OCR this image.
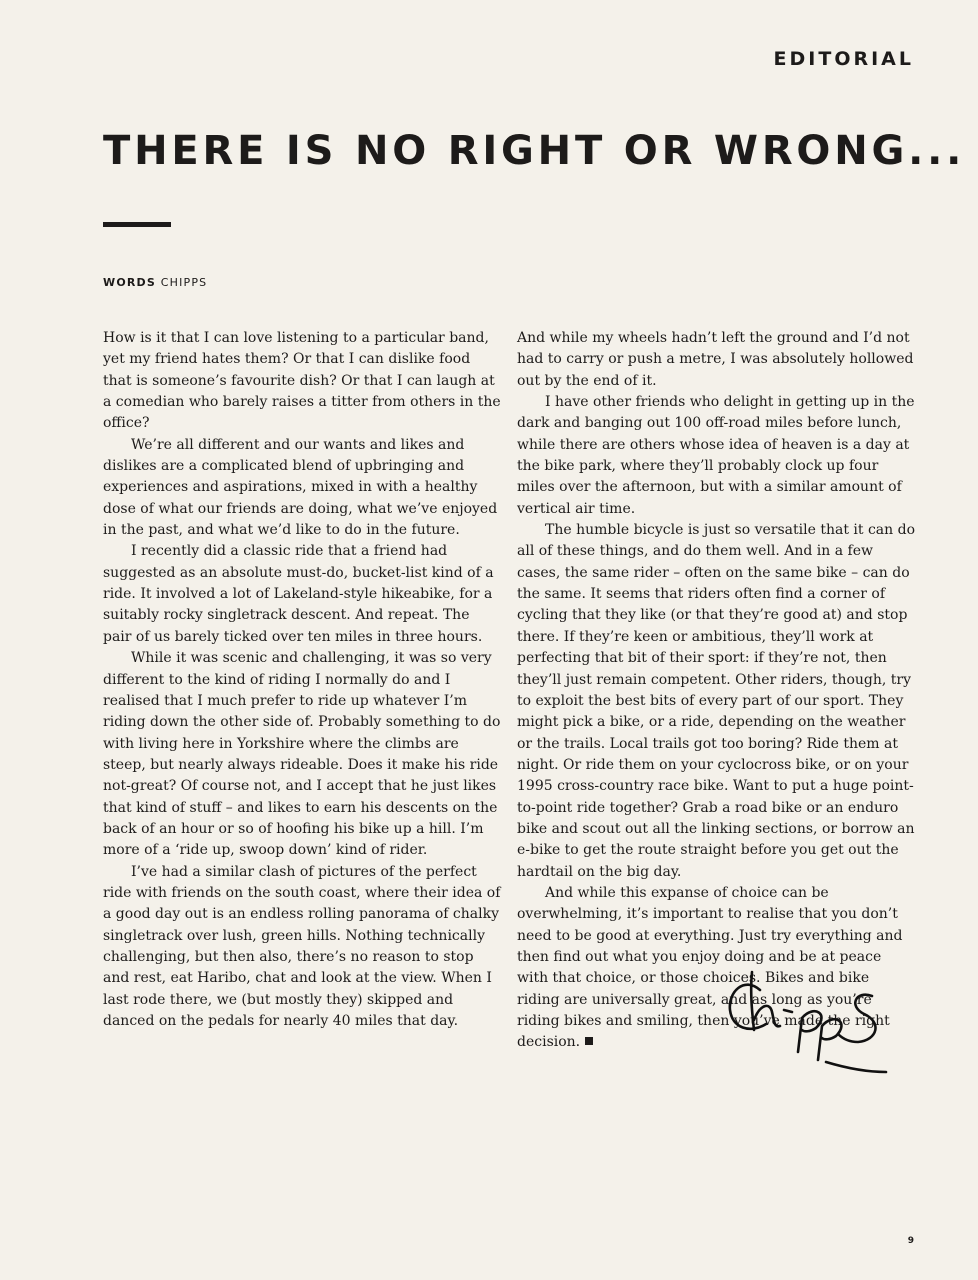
EDITORIAL
THERE IS NO RIGHT OR WRONG...
WORDS CHIPPS

How is it that I can love listening to a particular band, yet my friend hates them? Or that I can dislike food that is someone’s favourite dish? Or that I can laugh at a comedian who barely raises a titter from others in the office?

We’re all different and our wants and likes and dislikes are a complicated blend of upbringing and experiences and aspirations, mixed in with a healthy dose of what our friends are doing, what we’ve enjoyed in the past, and what we’d like to do in the future.

I recently did a classic ride that a friend had suggested as an absolute must-do, bucket-list kind of a ride. It involved a lot of Lakeland-style hikeabike, for a suitably rocky singletrack descent. And repeat. The pair of us barely ticked over ten miles in three hours.

While it was scenic and challenging, it was so very different to the kind of riding I normally do and I realised that I much prefer to ride up whatever I’m riding down the other side of. Probably something to do with living here in Yorkshire where the climbs are steep, but nearly always rideable. Does it make his ride not-great? Of course not, and I accept that he just likes that kind of stuff – and likes to earn his descents on the back of an hour or so of hoofing his bike up a hill. I’m more of a ‘ride up, swoop down’ kind of rider.

I’ve had a similar clash of pictures of the perfect ride with friends on the south coast, where their idea of a good day out is an endless rolling panorama of chalky singletrack over lush, green hills. Nothing technically challenging, but then also, there’s no reason to stop and rest, eat Haribo, chat and look at the view. When I last rode there, we (but mostly they) skipped and danced on the pedals for nearly 40 miles that day.

And while my wheels hadn’t left the ground and I’d not had to carry or push a metre, I was absolutely hollowed out by the end of it.

I have other friends who delight in getting up in the dark and banging out 100 off-road miles before lunch, while there are others whose idea of heaven is a day at the bike park, where they’ll probably clock up four miles over the afternoon, but with a similar amount of vertical air time.

The humble bicycle is just so versatile that it can do all of these things, and do them well. And in a few cases, the same rider – often on the same bike – can do the same. It seems that riders often find a corner of cycling that they like (or that they’re good at) and stop there. If they’re keen or ambitious, they’ll work at perfecting that bit of their sport: if they’re not, then they’ll just remain competent. Other riders, though, try to exploit the best bits of every part of our sport. They might pick a bike, or a ride, depending on the weather or the trails. Local trails got too boring? Ride them at night. Or ride them on your cyclocross bike, or on your 1995 cross-country race bike. Want to put a huge point-to-point ride together? Grab a road bike or an enduro bike and scout out all the linking sections, or borrow an e-bike to get the route straight before you get out the hardtail on the big day.

And while this expanse of choice can be overwhelming, it’s important to realise that you don’t need to be good at everything. Just try everything and then find out what you enjoy doing and be at peace with that choice, or those choices. Bikes and bike riding are universally great, and as long as you’re riding bikes and smiling, then you’ve made the right decision.

9
